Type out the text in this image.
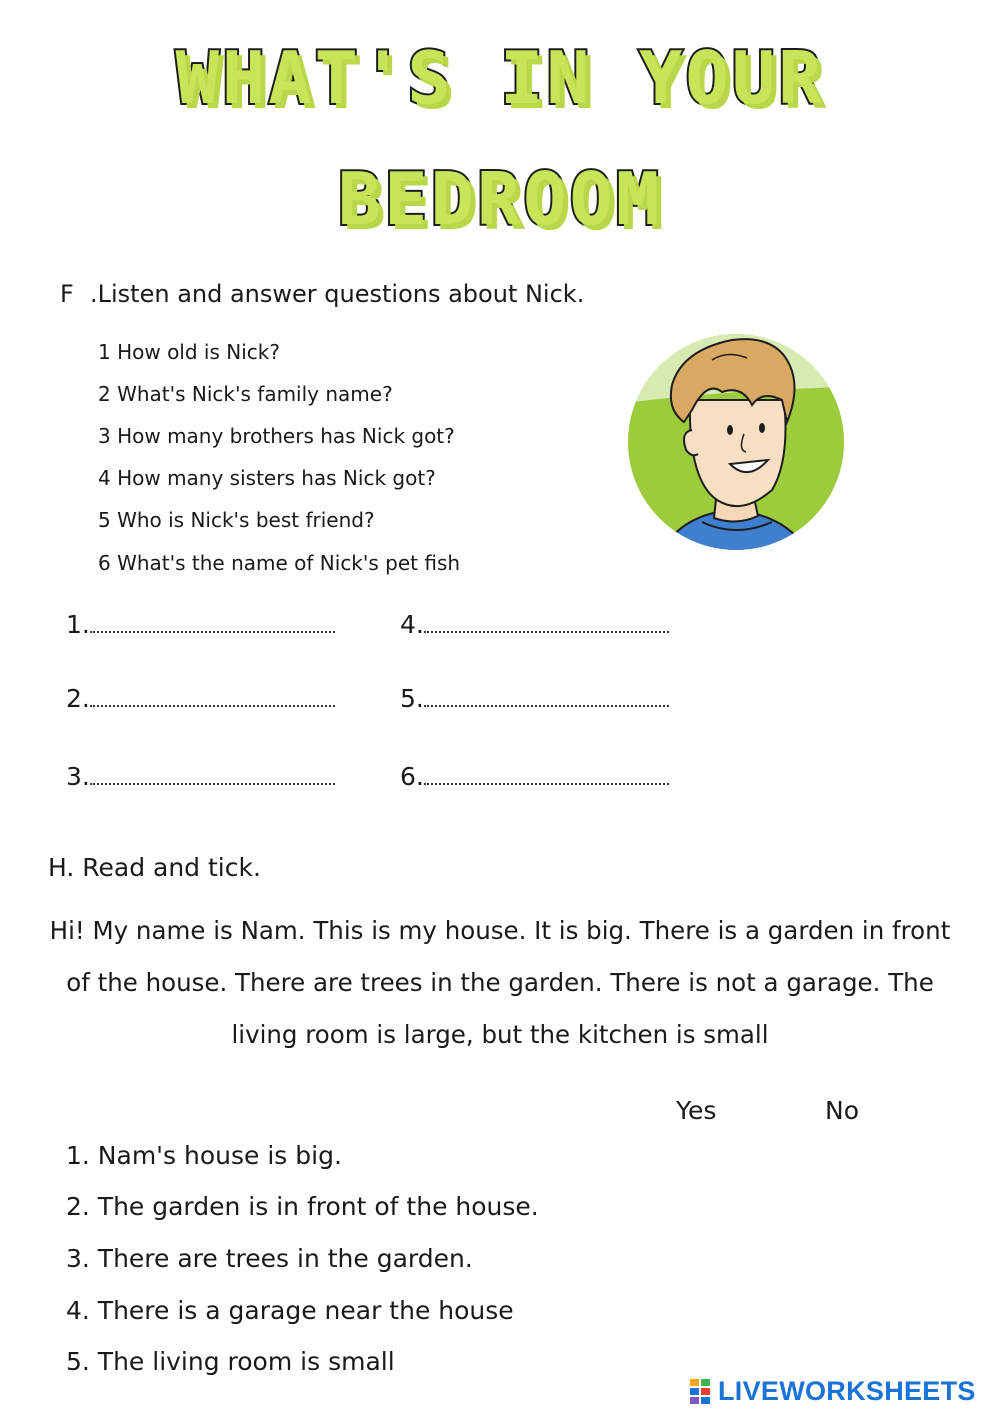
WHAT'S IN YOUR
BEDROOM
F .Listen and answer questions about Nick.
1 How old is Nick?
2 What's Nick's family name?
3 How many brothers has Nick got?
4 How many sisters has Nick got?
5 Who is Nick's best friend?
6 What's the name of Nick's pet fish
1.
2.
3.
4.
5.
6.
H. Read and tick.
Hi! My name is Nam. This is my house. It is big. There is a garden in front
of the house. There are trees in the garden. There is not a garage. The
living room is large, but the kitchen is small
Yes	No
1. Nam's house is big.
2. The garden is in front of the house.
3. There are trees in the garden.
4. There is a garage near the house
5. The living room is small
LIVEWORKSHEETS
